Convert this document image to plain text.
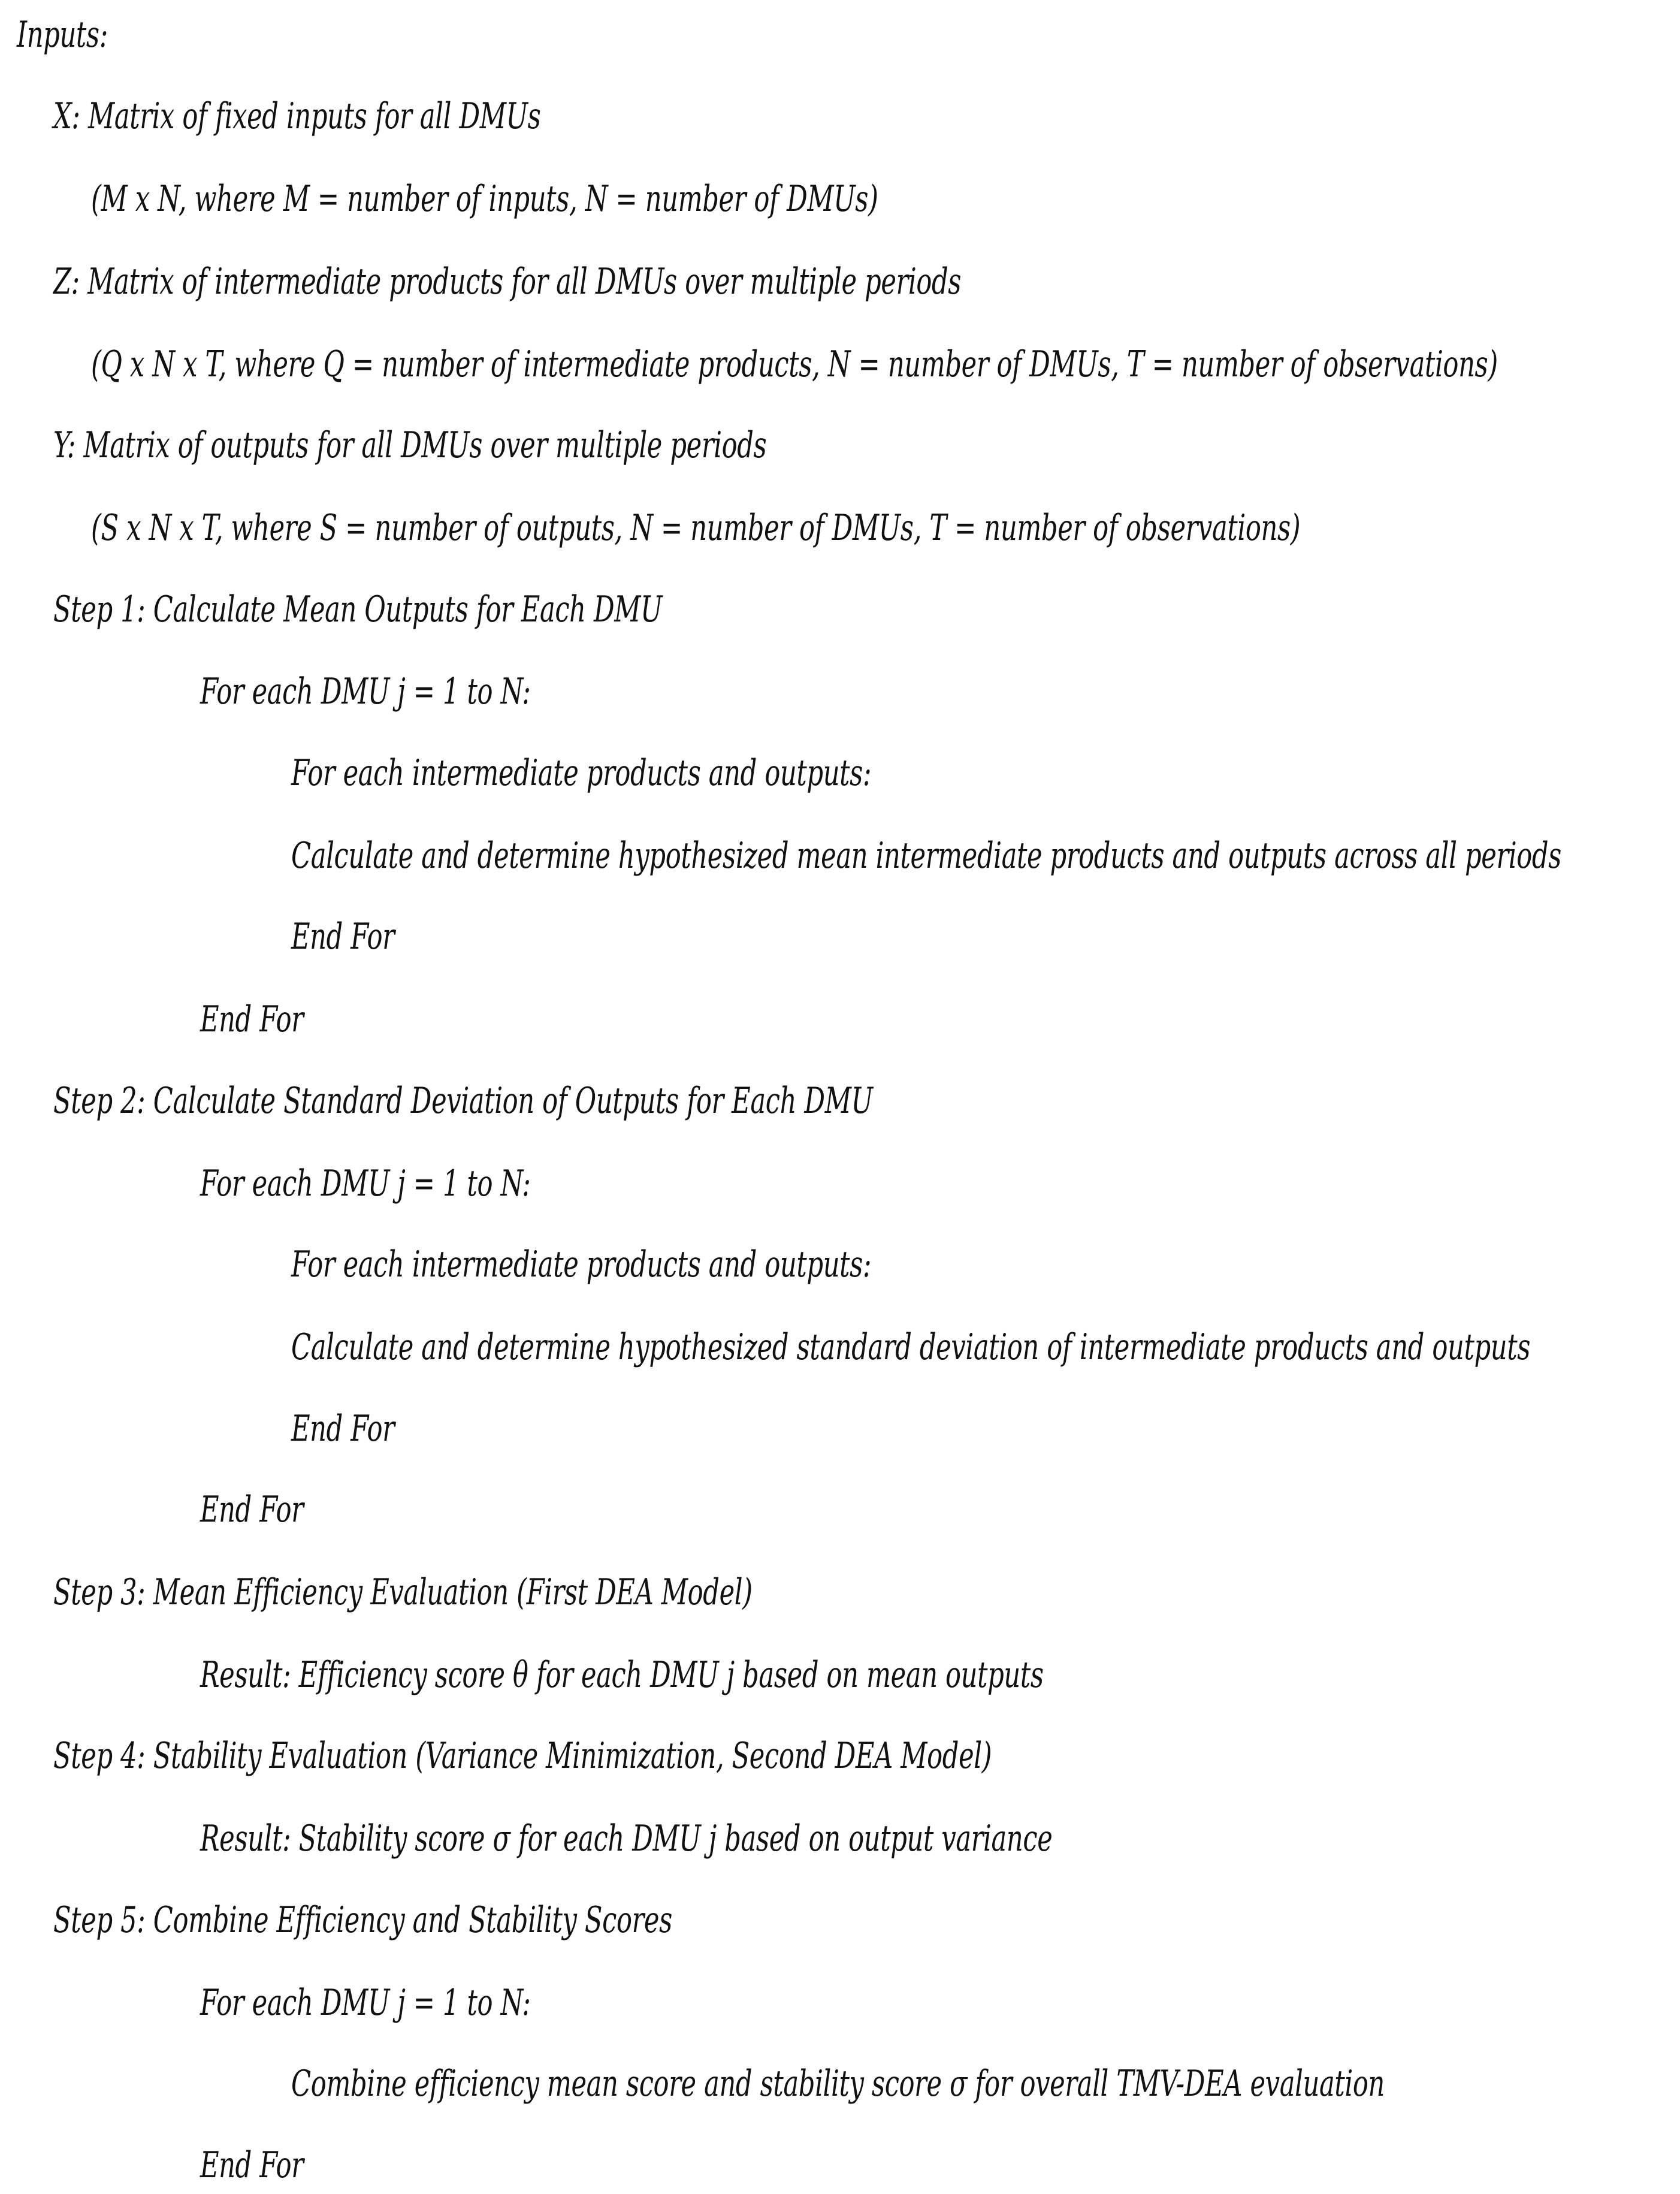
Inputs:
X: Matrix of fixed inputs for all DMUs
(M x N, where M = number of inputs, N = number of DMUs)
Z: Matrix of intermediate products for all DMUs over multiple periods
(Q x N x T, where Q = number of intermediate products, N = number of DMUs, T = number of observations)
Y: Matrix of outputs for all DMUs over multiple periods
(S x N x T, where S = number of outputs, N = number of DMUs, T = number of observations)
Step 1: Calculate Mean Outputs for Each DMU
For each DMU j = 1 to N:
For each intermediate products and outputs:
Calculate and determine hypothesized mean intermediate products and outputs across all periods
End For
End For
Step 2: Calculate Standard Deviation of Outputs for Each DMU
For each DMU j = 1 to N:
For each intermediate products and outputs:
Calculate and determine hypothesized standard deviation of intermediate products and outputs
End For
End For
Step 3: Mean Efficiency Evaluation (First DEA Model)
Result: Efficiency score θ for each DMU j based on mean outputs
Step 4: Stability Evaluation (Variance Minimization, Second DEA Model)
Result: Stability score σ for each DMU j based on output variance
Step 5: Combine Efficiency and Stability Scores
For each DMU j = 1 to N:
Combine efficiency mean score and stability score σ for overall TMV-DEA evaluation
End For
